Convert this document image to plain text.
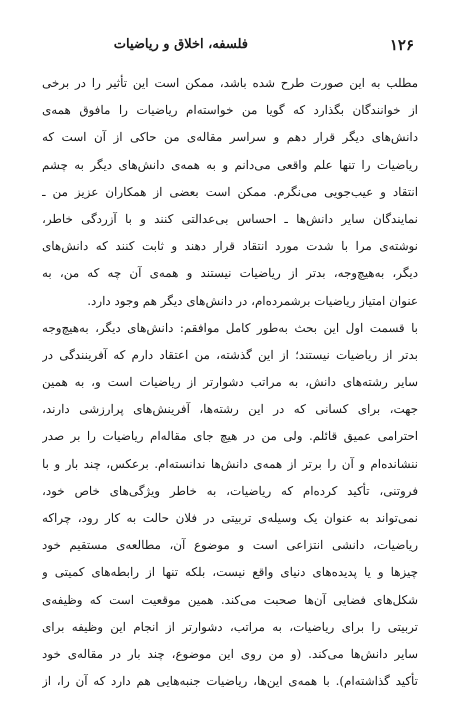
۱۲۶
فلسفه، اخلاق و ریاضیات
مطلب به این صورت طرح شده باشد، ممکن است این تأثیر را در برخی
از خوانندگان بگذارد که گویا من خواسته‌ام ریاضیات را مافوق همه‌ی
دانش‌های دیگر قرار دهم و سراسر مقاله‌ی من حاکی از آن است که
ریاضیات را تنها علم واقعی می‌دانم و به همه‌ی دانش‌های دیگر به چشم
انتقاد و عیب‌جویی می‌نگرم. ممکن است بعضی از همکاران عزیز من ـ
نمایندگان سایر دانش‌ها ـ احساس بی‌عدالتی کنند و با آزردگی خاطر،
نوشته‌ی مرا با شدت مورد انتقاد قرار دهند و ثابت کنند که دانش‌های
دیگر، به‌هیچ‌وجه، بدتر از ریاضیات نیستند و همه‌ی آن چه که من، به
عنوان امتیاز ریاضیات برشمرده‌ام، در دانش‌های دیگر هم وجود دارد.
با قسمت اول این بحث به‌طور کامل موافقم: دانش‌های دیگر، به‌هیچ‌وجه
بدتر از ریاضیات نیستند؛ از این گذشته، من اعتقاد دارم که آفرینندگی در
سایر رشته‌های دانش، به مراتب دشوارتر از ریاضیات است و، به همین
جهت، برای کسانی که در این رشته‌ها، آفرینش‌های پرارزشی دارند،
احترامی عمیق قائلم. ولی من در هیچ جای مقاله‌ام ریاضیات را بر صدر
ننشانده‌ام و آن را برتر از همه‌ی دانش‌ها ندانسته‌ام. برعکس، چند بار و با
فروتنی، تأکید کرده‌ام که ریاضیات، به خاطر ویژگی‌های خاص خود،
نمی‌تواند به عنوان یک وسیله‌ی تربیتی در فلان حالت به کار رود، چراکه
ریاضیات، دانشی انتزاعی است و موضوع آن، مطالعه‌ی مستقیم خود
چیزها و یا پدیده‌های دنیای واقع نیست، بلکه تنها از رابطه‌های کمیتی و
شکل‌های فضایی آن‌ها صحبت می‌کند. همین موقعیت است که وظیفه‌ی
تربیتی را برای ریاضیات، به مراتب، دشوارتر از انجام این وظیفه برای
سایر دانش‌ها می‌کند. (و من روی این موضوع، چند بار در مقاله‌ی خود
تأکید گذاشته‌ام). با همه‌ی این‌ها، ریاضیات جنبه‌هایی هم دارد که آن را، از
